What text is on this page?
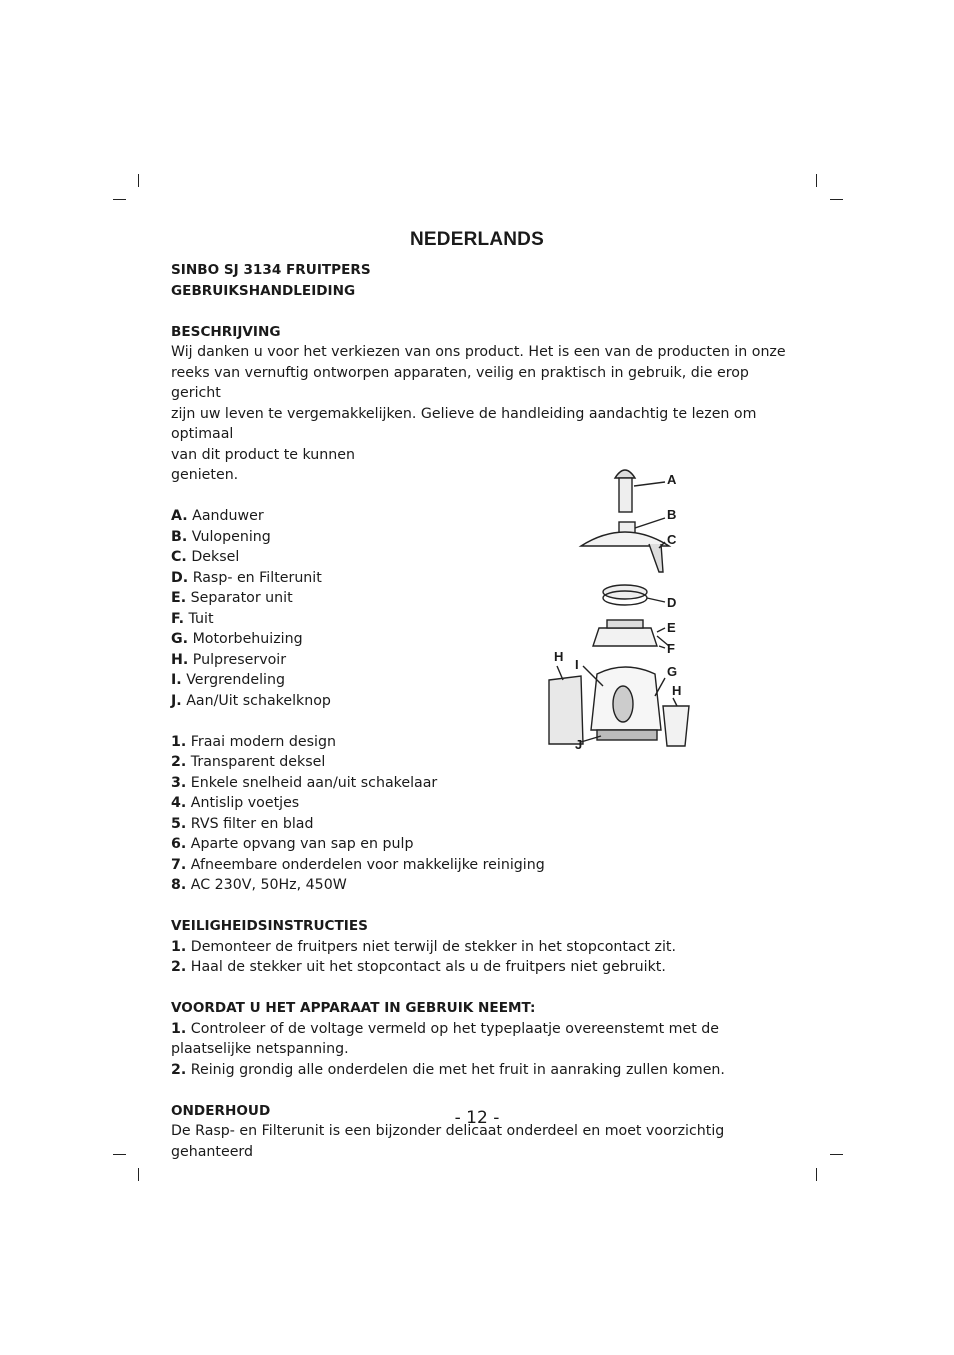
NEDERLANDS

SINBO SJ 3134 FRUITPERS

GEBRUIKSHANDLEIDING

BESCHRIJVING

Wij danken u voor het verkiezen van ons product. Het is een van de producten in onze

reeks van vernuftig ontworpen apparaten, veilig en praktisch in gebruik, die erop gericht

zijn uw leven te vergemakkelijken. Gelieve de handleiding aandachtig te lezen om optimaal

van dit product te kunnen

genieten.

A. Aanduwer
B. Vulopening
C. Deksel
D. Rasp- en Filterunit
E. Separator unit
F. Tuit
G. Motorbehuizing
H. Pulpreservoir
I. Vergrendeling
J. Aan/Uit schakelknop
1. Fraai modern design
2. Transparent deksel
3. Enkele snelheid aan/uit schakelaar
4. Antislip voetjes
5. RVS filter en blad
6. Aparte opvang van sap en pulp
7. Afneembare onderdelen voor makkelijke reiniging
8. AC 230V, 50Hz, 450W

VEILIGHEIDSINSTRUCTIES

1. Demonteer de fruitpers niet terwijl de stekker in het stopcontact zit.
2. Haal de stekker uit het stopcontact als u de fruitpers niet gebruikt.

VOORDAT U HET APPARAAT IN GEBRUIK NEEMT:

1. Controleer of de voltage vermeld op het typeplaatje overeenstemt met de plaatselijke netspanning.
2. Reinig grondig alle onderdelen die met het fruit in aanraking zullen komen.

ONDERHOUD

De Rasp- en Filterunit is een bijzonder delicaat onderdeel en moet voorzichtig gehanteerd

A
B
C
D
E
F
G
H
I
H
J
- 12 -
